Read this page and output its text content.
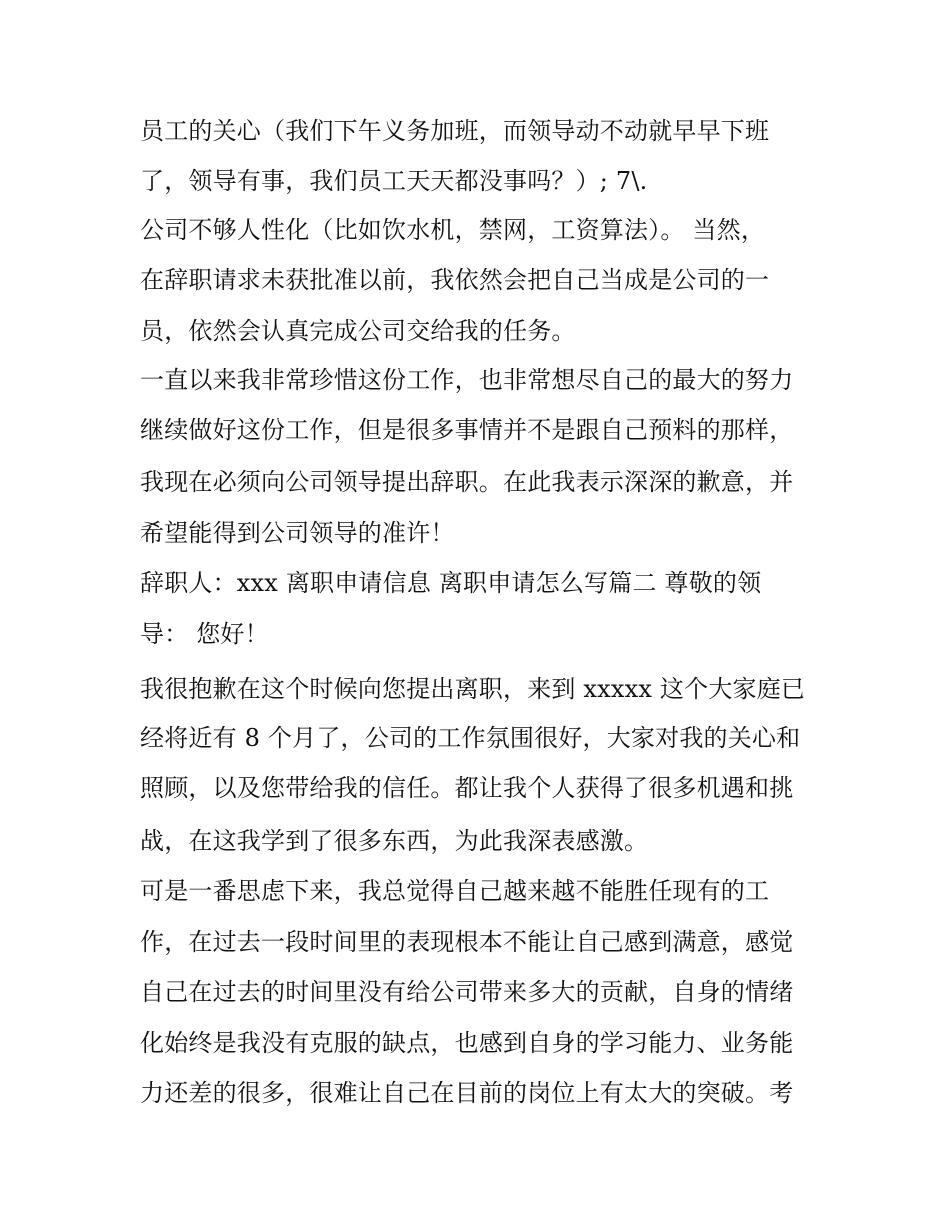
员工的关心（我们下午义务加班，而领导动不动就早早下班
了，领导有事，我们员工天天都没事吗？）; 7\.
公司不够人性化（比如饮水机，禁网，工资算法）。 当然，
在辞职请求未获批准以前，我依然会把自己当成是公司的一
员，依然会认真完成公司交给我的任务。
一直以来我非常珍惜这份工作，也非常想尽自己的最大的努力
继续做好这份工作，但是很多事情并不是跟自己预料的那样，
我现在必须向公司领导提出辞职。在此我表示深深的歉意，并
希望能得到公司领导的准许！
辞职人：xxx 离职申请信息 离职申请怎么写篇二 尊敬的领
导： 您好！
我很抱歉在这个时候向您提出离职，来到 xxxxx 这个大家庭已
经将近有 8 个月了，公司的工作氛围很好，大家对我的关心和
照顾，以及您带给我的信任。都让我个人获得了很多机遇和挑
战，在这我学到了很多东西，为此我深表感激。
可是一番思虑下来，我总觉得自己越来越不能胜任现有的工
作，在过去一段时间里的表现根本不能让自己感到满意，感觉
自己在过去的时间里没有给公司带来多大的贡献，自身的情绪
化始终是我没有克服的缺点，也感到自身的学习能力、业务能
力还差的很多，很难让自己在目前的岗位上有太大的突破。考
